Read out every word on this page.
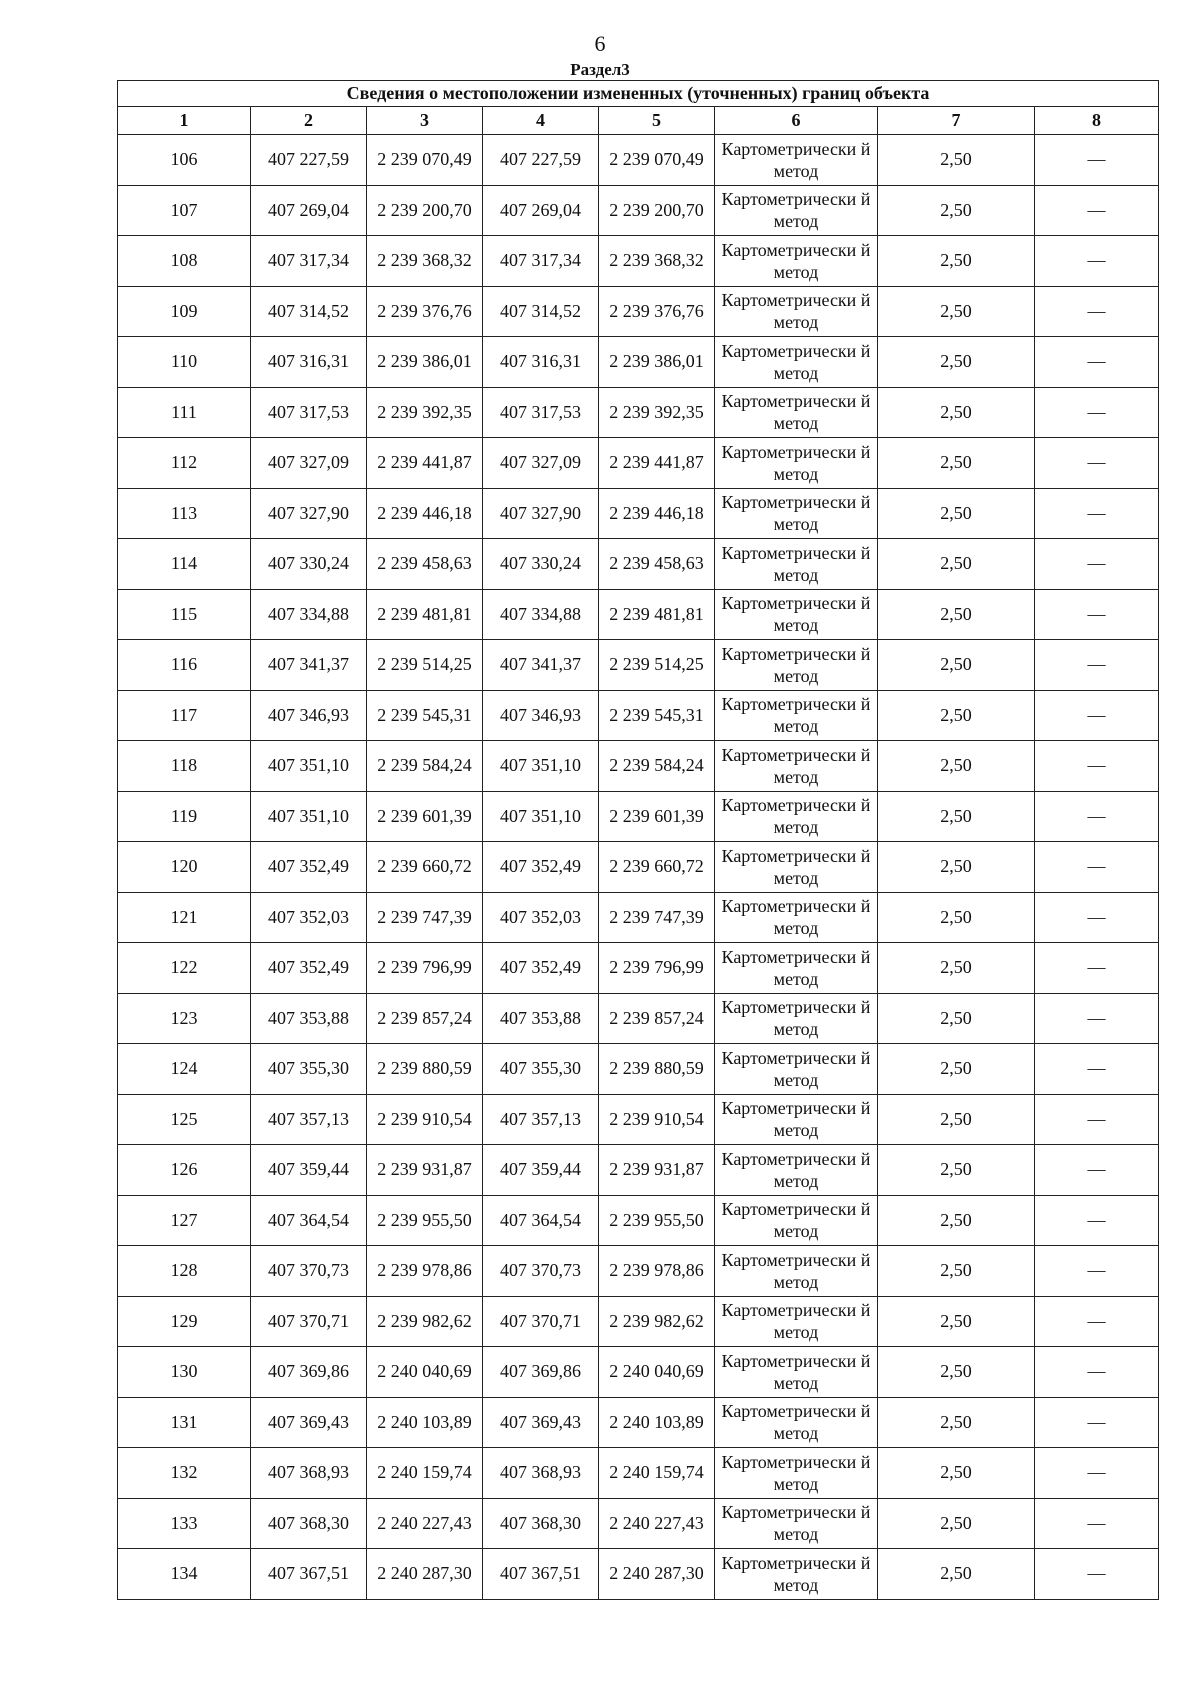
6
Раздел3
Сведения о местоположении измененных (уточненных) границ объекта							
1	2	3	4	5	6	7	8
106	407 227,59	2 239 070,49	407 227,59	2 239 070,49	Картометрически й метод	2,50	—
107	407 269,04	2 239 200,70	407 269,04	2 239 200,70	Картометрически й метод	2,50	—
108	407 317,34	2 239 368,32	407 317,34	2 239 368,32	Картометрически й метод	2,50	—
109	407 314,52	2 239 376,76	407 314,52	2 239 376,76	Картометрически й метод	2,50	—
110	407 316,31	2 239 386,01	407 316,31	2 239 386,01	Картометрически й метод	2,50	—
111	407 317,53	2 239 392,35	407 317,53	2 239 392,35	Картометрически й метод	2,50	—
112	407 327,09	2 239 441,87	407 327,09	2 239 441,87	Картометрически й метод	2,50	—
113	407 327,90	2 239 446,18	407 327,90	2 239 446,18	Картометрически й метод	2,50	—
114	407 330,24	2 239 458,63	407 330,24	2 239 458,63	Картометрически й метод	2,50	—
115	407 334,88	2 239 481,81	407 334,88	2 239 481,81	Картометрически й метод	2,50	—
116	407 341,37	2 239 514,25	407 341,37	2 239 514,25	Картометрически й метод	2,50	—
117	407 346,93	2 239 545,31	407 346,93	2 239 545,31	Картометрически й метод	2,50	—
118	407 351,10	2 239 584,24	407 351,10	2 239 584,24	Картометрически й метод	2,50	—
119	407 351,10	2 239 601,39	407 351,10	2 239 601,39	Картометрически й метод	2,50	—
120	407 352,49	2 239 660,72	407 352,49	2 239 660,72	Картометрически й метод	2,50	—
121	407 352,03	2 239 747,39	407 352,03	2 239 747,39	Картометрически й метод	2,50	—
122	407 352,49	2 239 796,99	407 352,49	2 239 796,99	Картометрически й метод	2,50	—
123	407 353,88	2 239 857,24	407 353,88	2 239 857,24	Картометрически й метод	2,50	—
124	407 355,30	2 239 880,59	407 355,30	2 239 880,59	Картометрически й метод	2,50	—
125	407 357,13	2 239 910,54	407 357,13	2 239 910,54	Картометрически й метод	2,50	—
126	407 359,44	2 239 931,87	407 359,44	2 239 931,87	Картометрически й метод	2,50	—
127	407 364,54	2 239 955,50	407 364,54	2 239 955,50	Картометрически й метод	2,50	—
128	407 370,73	2 239 978,86	407 370,73	2 239 978,86	Картометрически й метод	2,50	—
129	407 370,71	2 239 982,62	407 370,71	2 239 982,62	Картометрически й метод	2,50	—
130	407 369,86	2 240 040,69	407 369,86	2 240 040,69	Картометрически й метод	2,50	—
131	407 369,43	2 240 103,89	407 369,43	2 240 103,89	Картометрически й метод	2,50	—
132	407 368,93	2 240 159,74	407 368,93	2 240 159,74	Картометрически й метод	2,50	—
133	407 368,30	2 240 227,43	407 368,30	2 240 227,43	Картометрически й метод	2,50	—
134	407 367,51	2 240 287,30	407 367,51	2 240 287,30	Картометрически й метод	2,50	—
